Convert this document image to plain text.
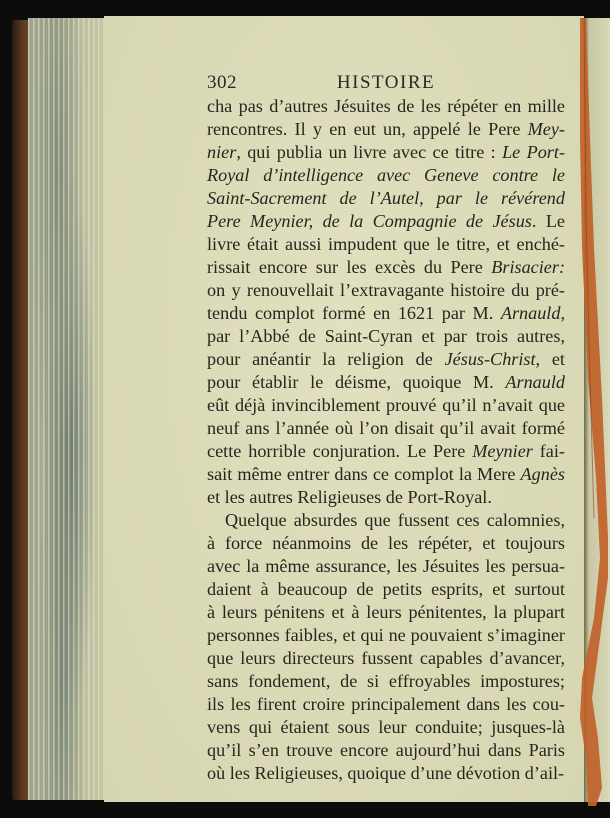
302	HISTOIRE
cha pas d’autres Jésuites de les répéter en mille
rencontres. Il y en eut un, appelé le Pere Mey-
nier, qui publia un livre avec ce titre : Le Port-
Royal d’intelligence avec Geneve contre le
Saint-Sacrement de l’Autel, par le révérend
Pere Meynier, de la Compagnie de Jésus. Le
livre était aussi impudent que le titre, et enché-
rissait encore sur les excès du Pere Brisacier:
on y renouvellait l’extravagante histoire du pré-
tendu complot formé en 1621 par M. Arnauld,
par l’Abbé de Saint-Cyran et par trois autres,
pour anéantir la religion de Jésus-Christ, et
pour établir le déisme, quoique M. Arnauld
eût déjà invinciblement prouvé qu’il n’avait que
neuf ans l’année où l’on disait qu’il avait formé
cette horrible conjuration. Le Pere Meynier fai-
sait même entrer dans ce complot la Mere Agnès
et les autres Religieuses de Port-Royal.
Quelque absurdes que fussent ces calomnies,
à force néanmoins de les répéter, et toujours
avec la même assurance, les Jésuites les persua-
daient à beaucoup de petits esprits, et surtout
à leurs pénitens et à leurs pénitentes, la plupart
personnes faibles, et qui ne pouvaient s’imaginer
que leurs directeurs fussent capables d’avancer,
sans fondement, de si effroyables impostures;
ils les firent croire principalement dans les cou-
vens qui étaient sous leur conduite; jusques-là
qu’il s’en trouve encore aujourd’hui dans Paris
où les Religieuses, quoique d’une dévotion d’ail-
